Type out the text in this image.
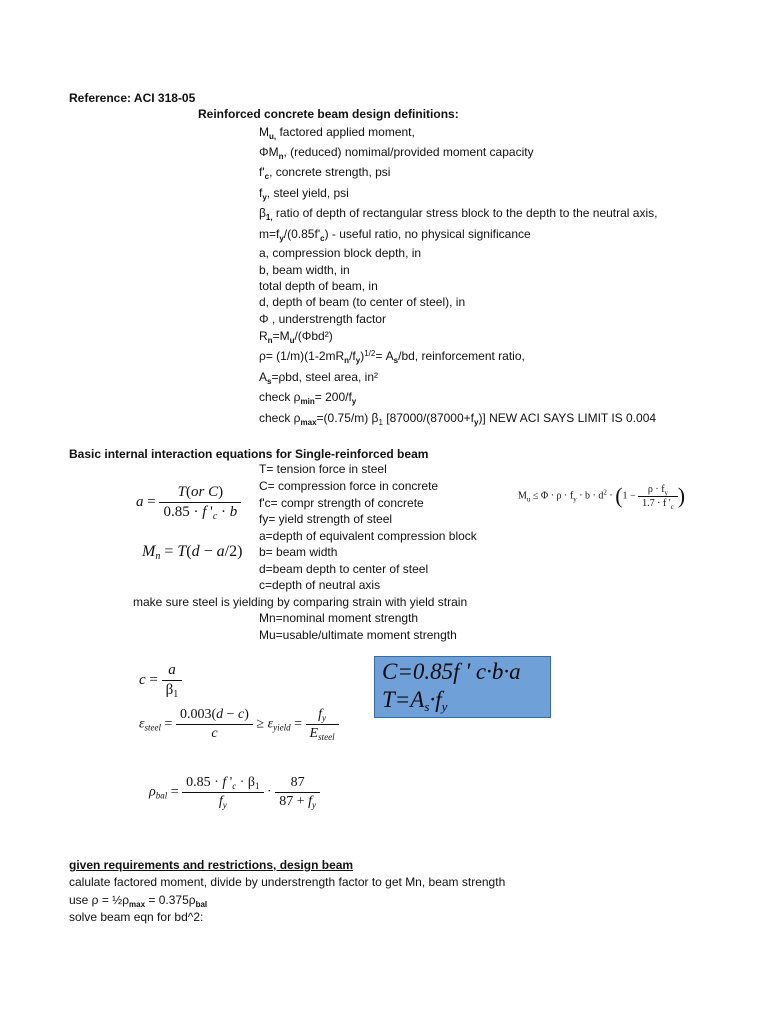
Reference: ACI 318-05
Reinforced concrete beam design definitions:
$M_{u,}$ factored applied moment,
$\Phi M_n$, (reduced) nomimal/provided moment capacity
$f'_c$, concrete strength, psi
$f_y$, steel yield, psi
$\beta_{1,}$ ratio of depth of rectangular stress block to the depth to the neutral axis,
$m=f_y/(0.85f'_c)$ - useful ratio, no physical significance
a, compression block depth, in
b, beam width, in
total depth of beam, in
d, depth of beam (to center of steel), in
Φ , understrength factor
$R_n=M_u/(\Phi bd^2)$
$\rho= (1/m)(1-2mR_n/f_y)^{1/2}= A_s/bd$, reinforcement ratio,
$A_s=\rho bd$, steel area, in²
check $\rho_{min}= 200/f_y$
check $\rho_{max}=(0.75/m)$ $\beta_1$ $[87000/(87000+f_y)]$ NEW ACI SAYS LIMIT IS 0.004
Basic internal interaction equations for Single-reinforced beam
T= tension force in steel
C= compression force in concrete
f'c= compr strength of concrete
fy= yield strength of steel
a=depth of equivalent compression block
b= beam width
d=beam depth to center of steel
c=depth of neutral axis
make sure steel is yielding by comparing strain with yield strain
Mn=nominal moment strength
Mu=usable/ultimate moment strength
$a = \frac{\text{T(or C)}}{0.85 \cdot f '_c \cdot b}$
$M_n = T(d - a/2)$
$M_u \le \Phi \cdot \rho \cdot f_y \cdot b \cdot d^2 \cdot (1 - \frac{\rho \cdot f_y}{1.7 \cdot f '_c}$ )
$c = \frac{a}{\beta_1}$
$\varepsilon_{steel} = \frac{0.003(d - c)}{c} \ge \varepsilon_{yield} = \frac{f_y}{E_{steel}}$
$\rho_{bal} = \frac{0.85 \cdot f '_c \cdot \beta_1}{f_y} \cdot \frac{87}{87 + f_y}$
C=0.85f ' c·b·a
$T=A_s\cdot f_y$
given requirements and restrictions, design beam
calulate factored moment, divide by understrength factor to get Mn, beam strength
use $\rho = \frac{1}{2}\rho_{max} = 0.375\rho_{bal}$
solve beam eqn for bd^2:
